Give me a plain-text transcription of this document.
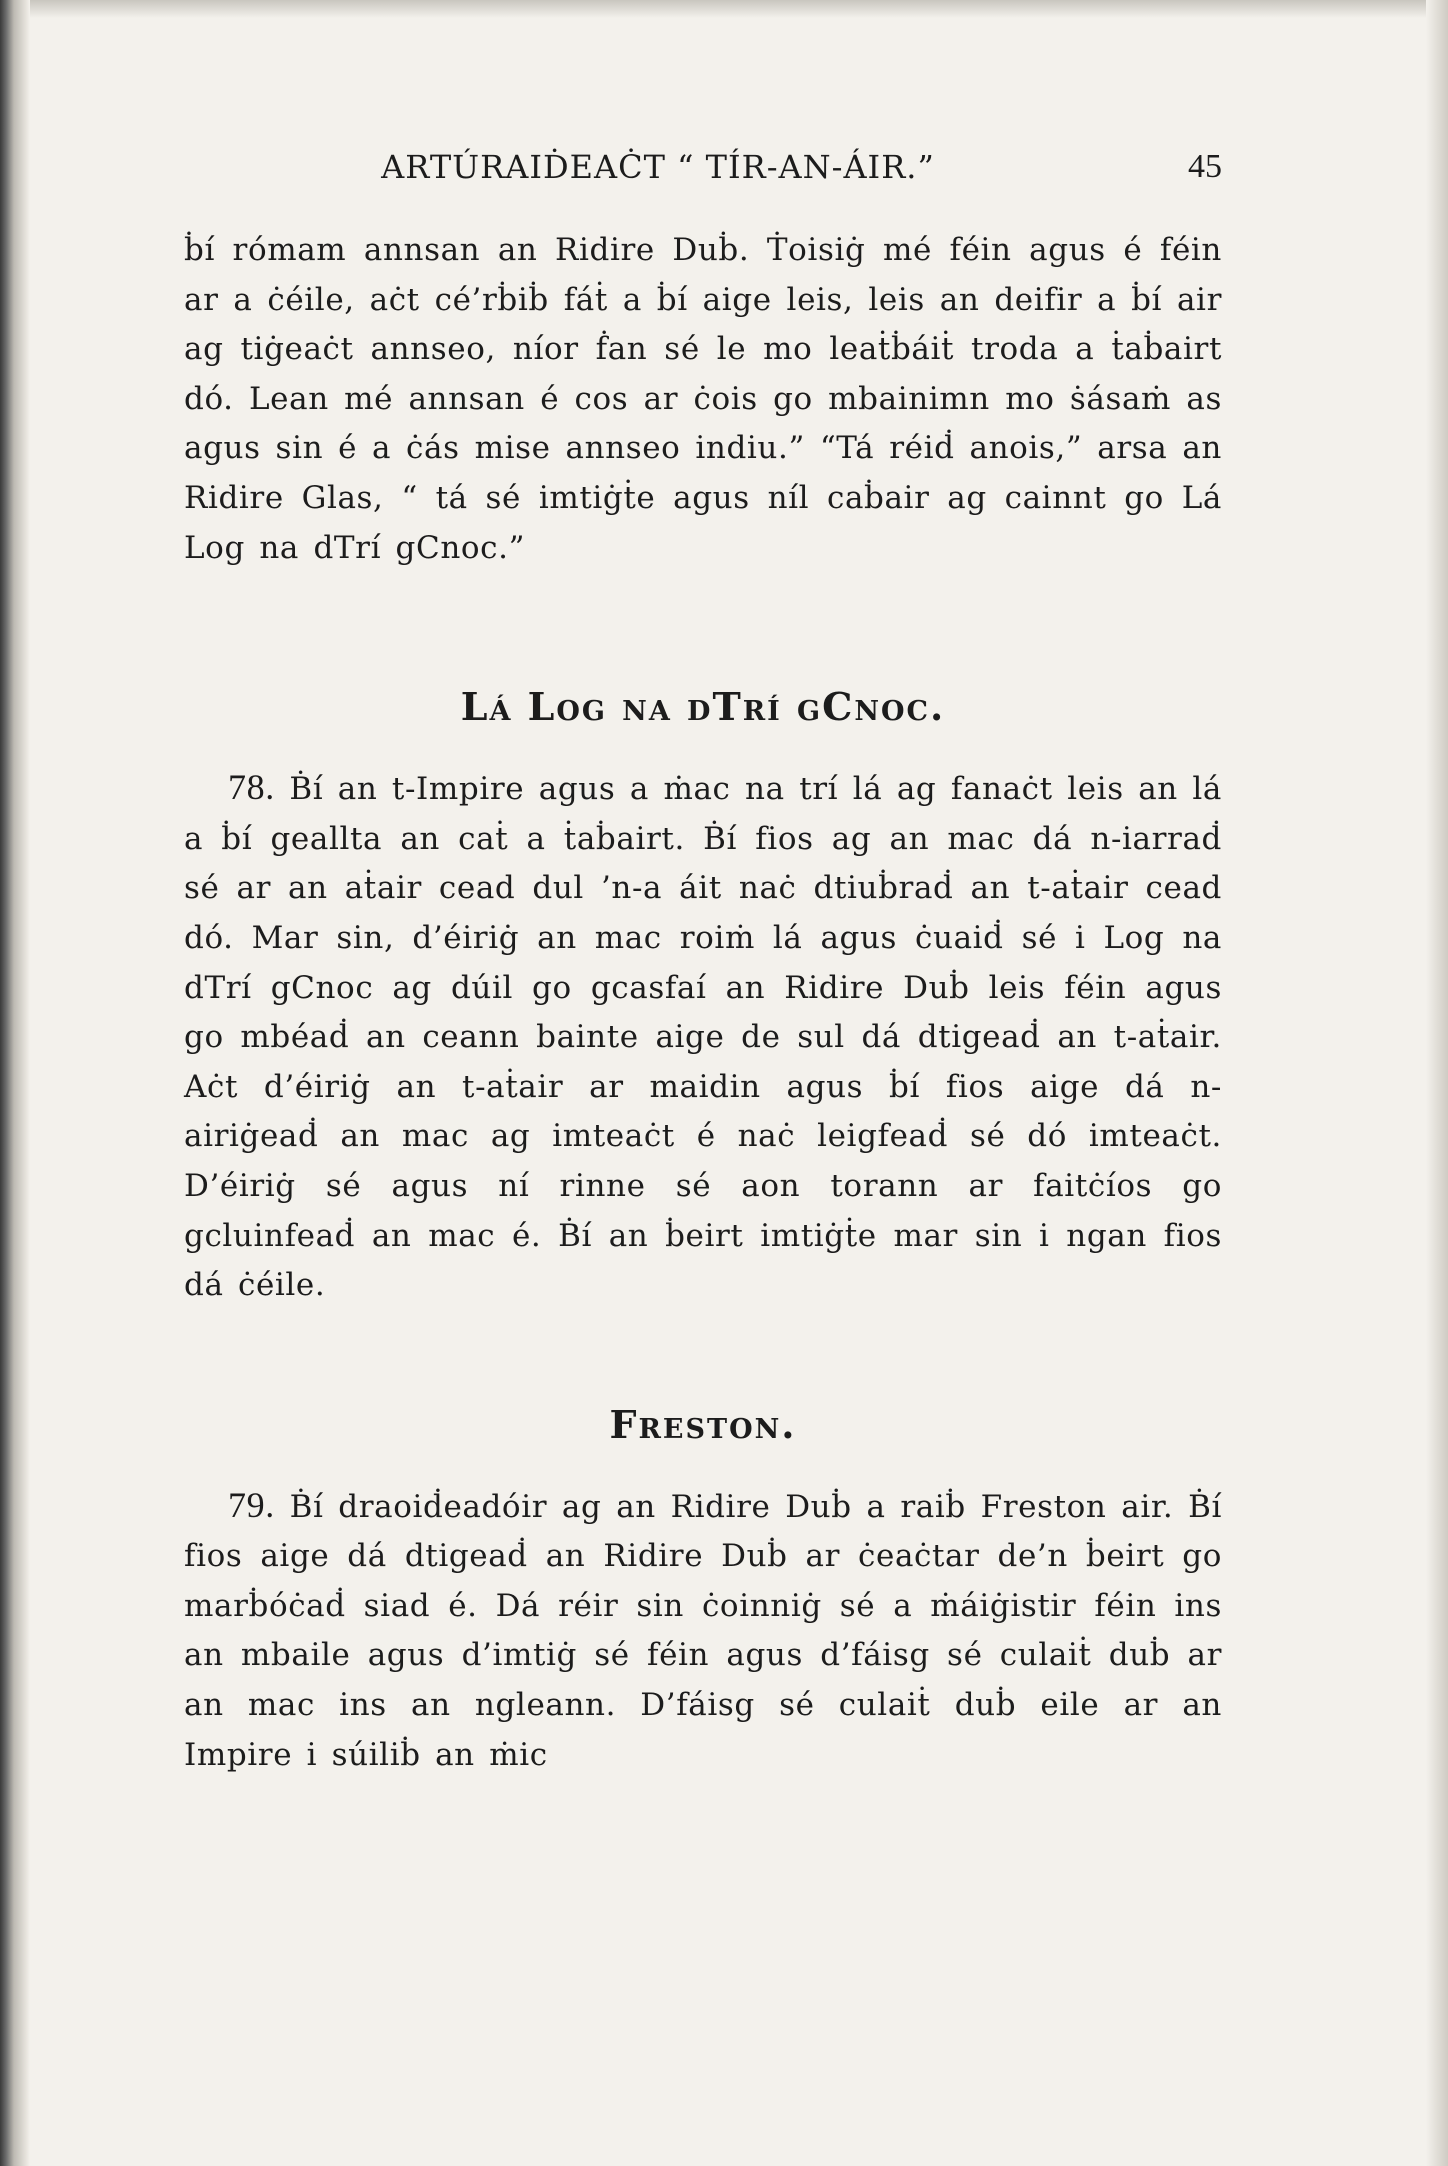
ARTÚRAIḊEAĊT “ TÍR-AN-ÁIR.”	45

ḃí rómam annsan an Ridire Duḃ. Ṫoisiġ mé féin agus é féin ar a ċéile, aċt cé’rḃiḃ fáṫ a ḃí aige leis, leis an deifir a ḃí air ag tiġeaċt annseo, níor ḟan sé le mo leaṫḃáiṫ troda a ṫaḃairt dó. Lean mé annsan é cos ar ċois go mbainimn mo ṡásaṁ as agus sin é a ċás mise annseo indiu.” “Tá réiḋ anois,” arsa an Ridire Glas, “ tá sé imtiġṫe agus níl caḃair ag cainnt go Lá Log na dTrí gCnoc.”

Lá Log na dTrí gCnoc.

78. Ḃí an t-Impire agus a ṁac na trí lá ag fanaċt leis an lá a ḃí geallta an caṫ a ṫaḃairt. Ḃí fios ag an mac dá n-iarraḋ sé ar an aṫair cead dul ’n-a áit naċ dtiuḃraḋ an t-aṫair cead dó. Mar sin, d’éiriġ an mac roiṁ lá agus ċuaiḋ sé i Log na dTrí gCnoc ag dúil go gcasfaí an Ridire Duḃ leis féin agus go mbéaḋ an ceann bainte aige de sul dá dtigeaḋ an t-aṫair. Aċt d’éiriġ an t-aṫair ar maidin agus ḃí fios aige dá n-airiġeaḋ an mac ag imteaċt é naċ leigfeaḋ sé dó imteaċt. D’éiriġ sé agus ní rinne sé aon torann ar faitċíos go gcluinfeaḋ an mac é. Ḃí an ḃeirt imtiġṫe mar sin i ngan fios dá ċéile.

Freston.

79. Ḃí draoiḋeadóir ag an Ridire Duḃ a raiḃ Freston air. Ḃí fios aige dá dtigeaḋ an Ridire Duḃ ar ċeaċtar de’n ḃeirt go marḃóċaḋ siad é. Dá réir sin ċoinniġ sé a ṁáiġistir féin ins an mbaile agus d’imtiġ sé féin agus d’fáisg sé culaiṫ duḃ ar an mac ins an ngleann. D’fáisg sé culaiṫ duḃ eile ar an Impire i súiliḃ an ṁic
